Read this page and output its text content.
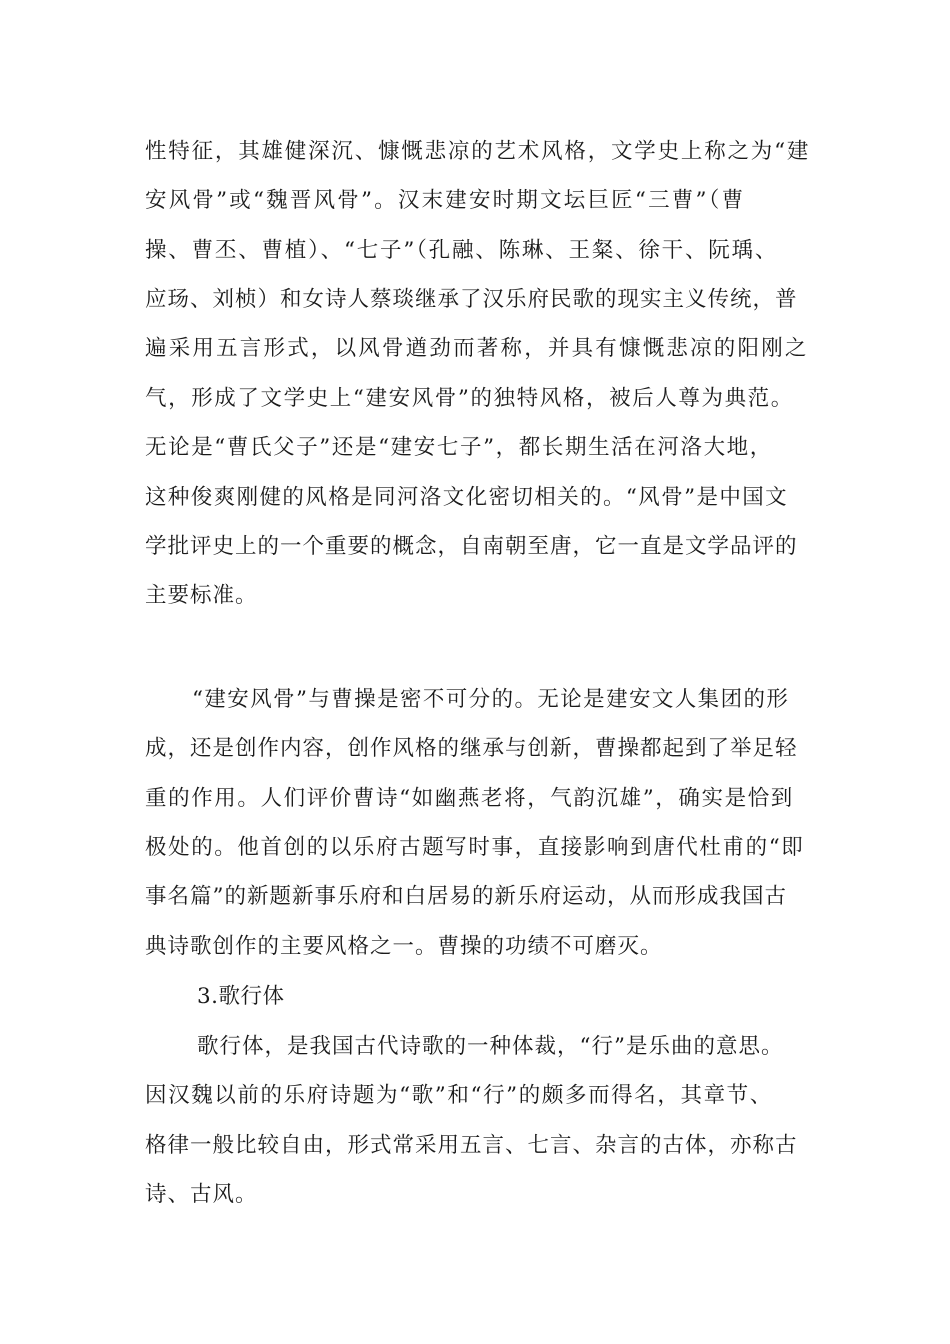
性特征，其雄健深沉、慷慨悲凉的艺术风格，文学史上称之为“建
安风骨”或“魏晋风骨”。汉末建安时期文坛巨匠“三曹”（曹
操、曹丕、曹植）、“七子”（孔融、陈琳、王粲、徐干、阮瑀、
应玚、刘桢）和女诗人蔡琰继承了汉乐府民歌的现实主义传统，普
遍采用五言形式，以风骨遒劲而著称，并具有慷慨悲凉的阳刚之
气，形成了文学史上“建安风骨”的独特风格，被后人尊为典范。
无论是“曹氏父子”还是“建安七子”，都长期生活在河洛大地，
这种俊爽刚健的风格是同河洛文化密切相关的。“风骨”是中国文
学批评史上的一个重要的概念，自南朝至唐，它一直是文学品评的
主要标准。
“建安风骨”与曹操是密不可分的。无论是建安文人集团的形
成，还是创作内容，创作风格的继承与创新，曹操都起到了举足轻
重的作用。人们评价曹诗“如幽燕老将，气韵沉雄”，确实是恰到
极处的。他首创的以乐府古题写时事，直接影响到唐代杜甫的“即
事名篇”的新题新事乐府和白居易的新乐府运动，从而形成我国古
典诗歌创作的主要风格之一。曹操的功绩不可磨灭。
3.歌行体
歌行体，是我国古代诗歌的一种体裁，“行”是乐曲的意思。
因汉魏以前的乐府诗题为“歌”和“行”的颇多而得名，其章节、
格律一般比较自由，形式常采用五言、七言、杂言的古体，亦称古
诗、古风。
